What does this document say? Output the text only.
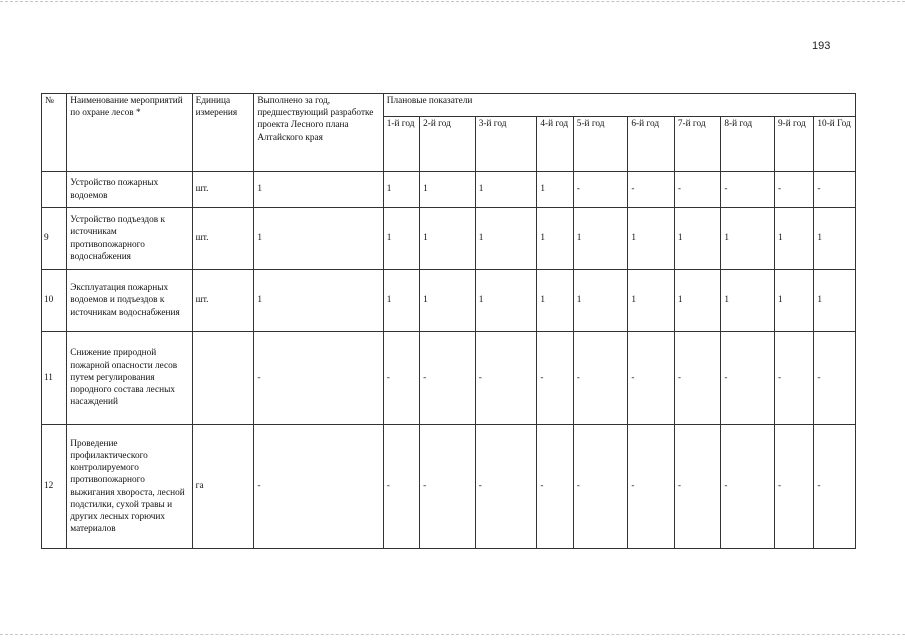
193
№	Наименование мероприятий по охране лесов *	Единица измерения	Выполнено за год, предшествующий разработке проекта Лесного плана Алтайского края	Плановые показатели									
				1-й год	2-й год	3-й год	4-й год	5-й год	6-й год	7-й год	8-й год	9-й год	10-й Год
	Устройство пожарных водоемов	шт.	1	1	1	1	1	-	-	-	-	-	-
9	Устройство подъездов к источникам противопожарного водоснабжения	шт.	1	1	1	1	1	1	1	1	1	1	1
10	Эксплуатация пожарных водоемов и подъездов к источникам водоснабжения	шт.	1	1	1	1	1	1	1	1	1	1	1
11	Снижение природной пожарной опасности лесов путем регулирования породного состава лесных насаждений		-	-	-	-	-	-	-	-	-	-	-
12	Проведение профилактического контролируемого противопожарного выжигания хвороста, лесной подстилки, сухой травы и других лесных горючих материалов	га	-	-	-	-	-	-	-	-	-	-	-
